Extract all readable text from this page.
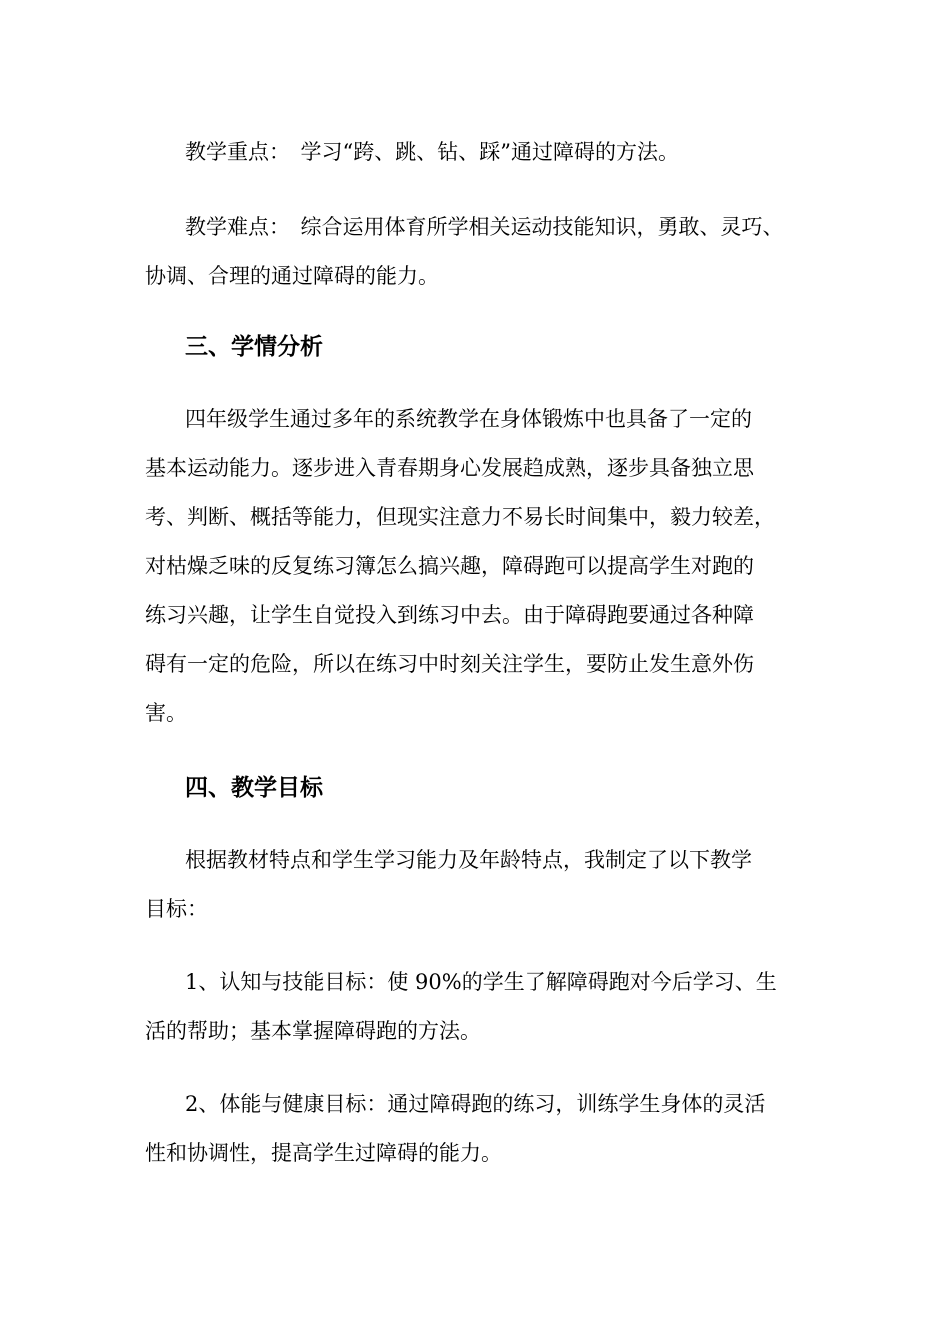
教学重点：　学习“跨、跳、钻、踩”通过障碍的方法。
教学难点：　综合运用体育所学相关运动技能知识，勇敢、灵巧、
协调、合理的通过障碍的能力。
三、学情分析
四年级学生通过多年的系统教学在身体锻炼中也具备了一定的
基本运动能力。逐步进入青春期身心发展趋成熟，逐步具备独立思
考、判断、概括等能力，但现实注意力不易长时间集中，毅力较差，
对枯燥乏味的反复练习簿怎么搞兴趣，障碍跑可以提高学生对跑的
练习兴趣，让学生自觉投入到练习中去。由于障碍跑要通过各种障
碍有一定的危险，所以在练习中时刻关注学生，要防止发生意外伤
害。
四、教学目标
根据教材特点和学生学习能力及年龄特点，我制定了以下教学
目标：
1、认知与技能目标：使 90%的学生了解障碍跑对今后学习、生
活的帮助；基本掌握障碍跑的方法。
2、体能与健康目标：通过障碍跑的练习，训练学生身体的灵活
性和协调性，提高学生过障碍的能力。
